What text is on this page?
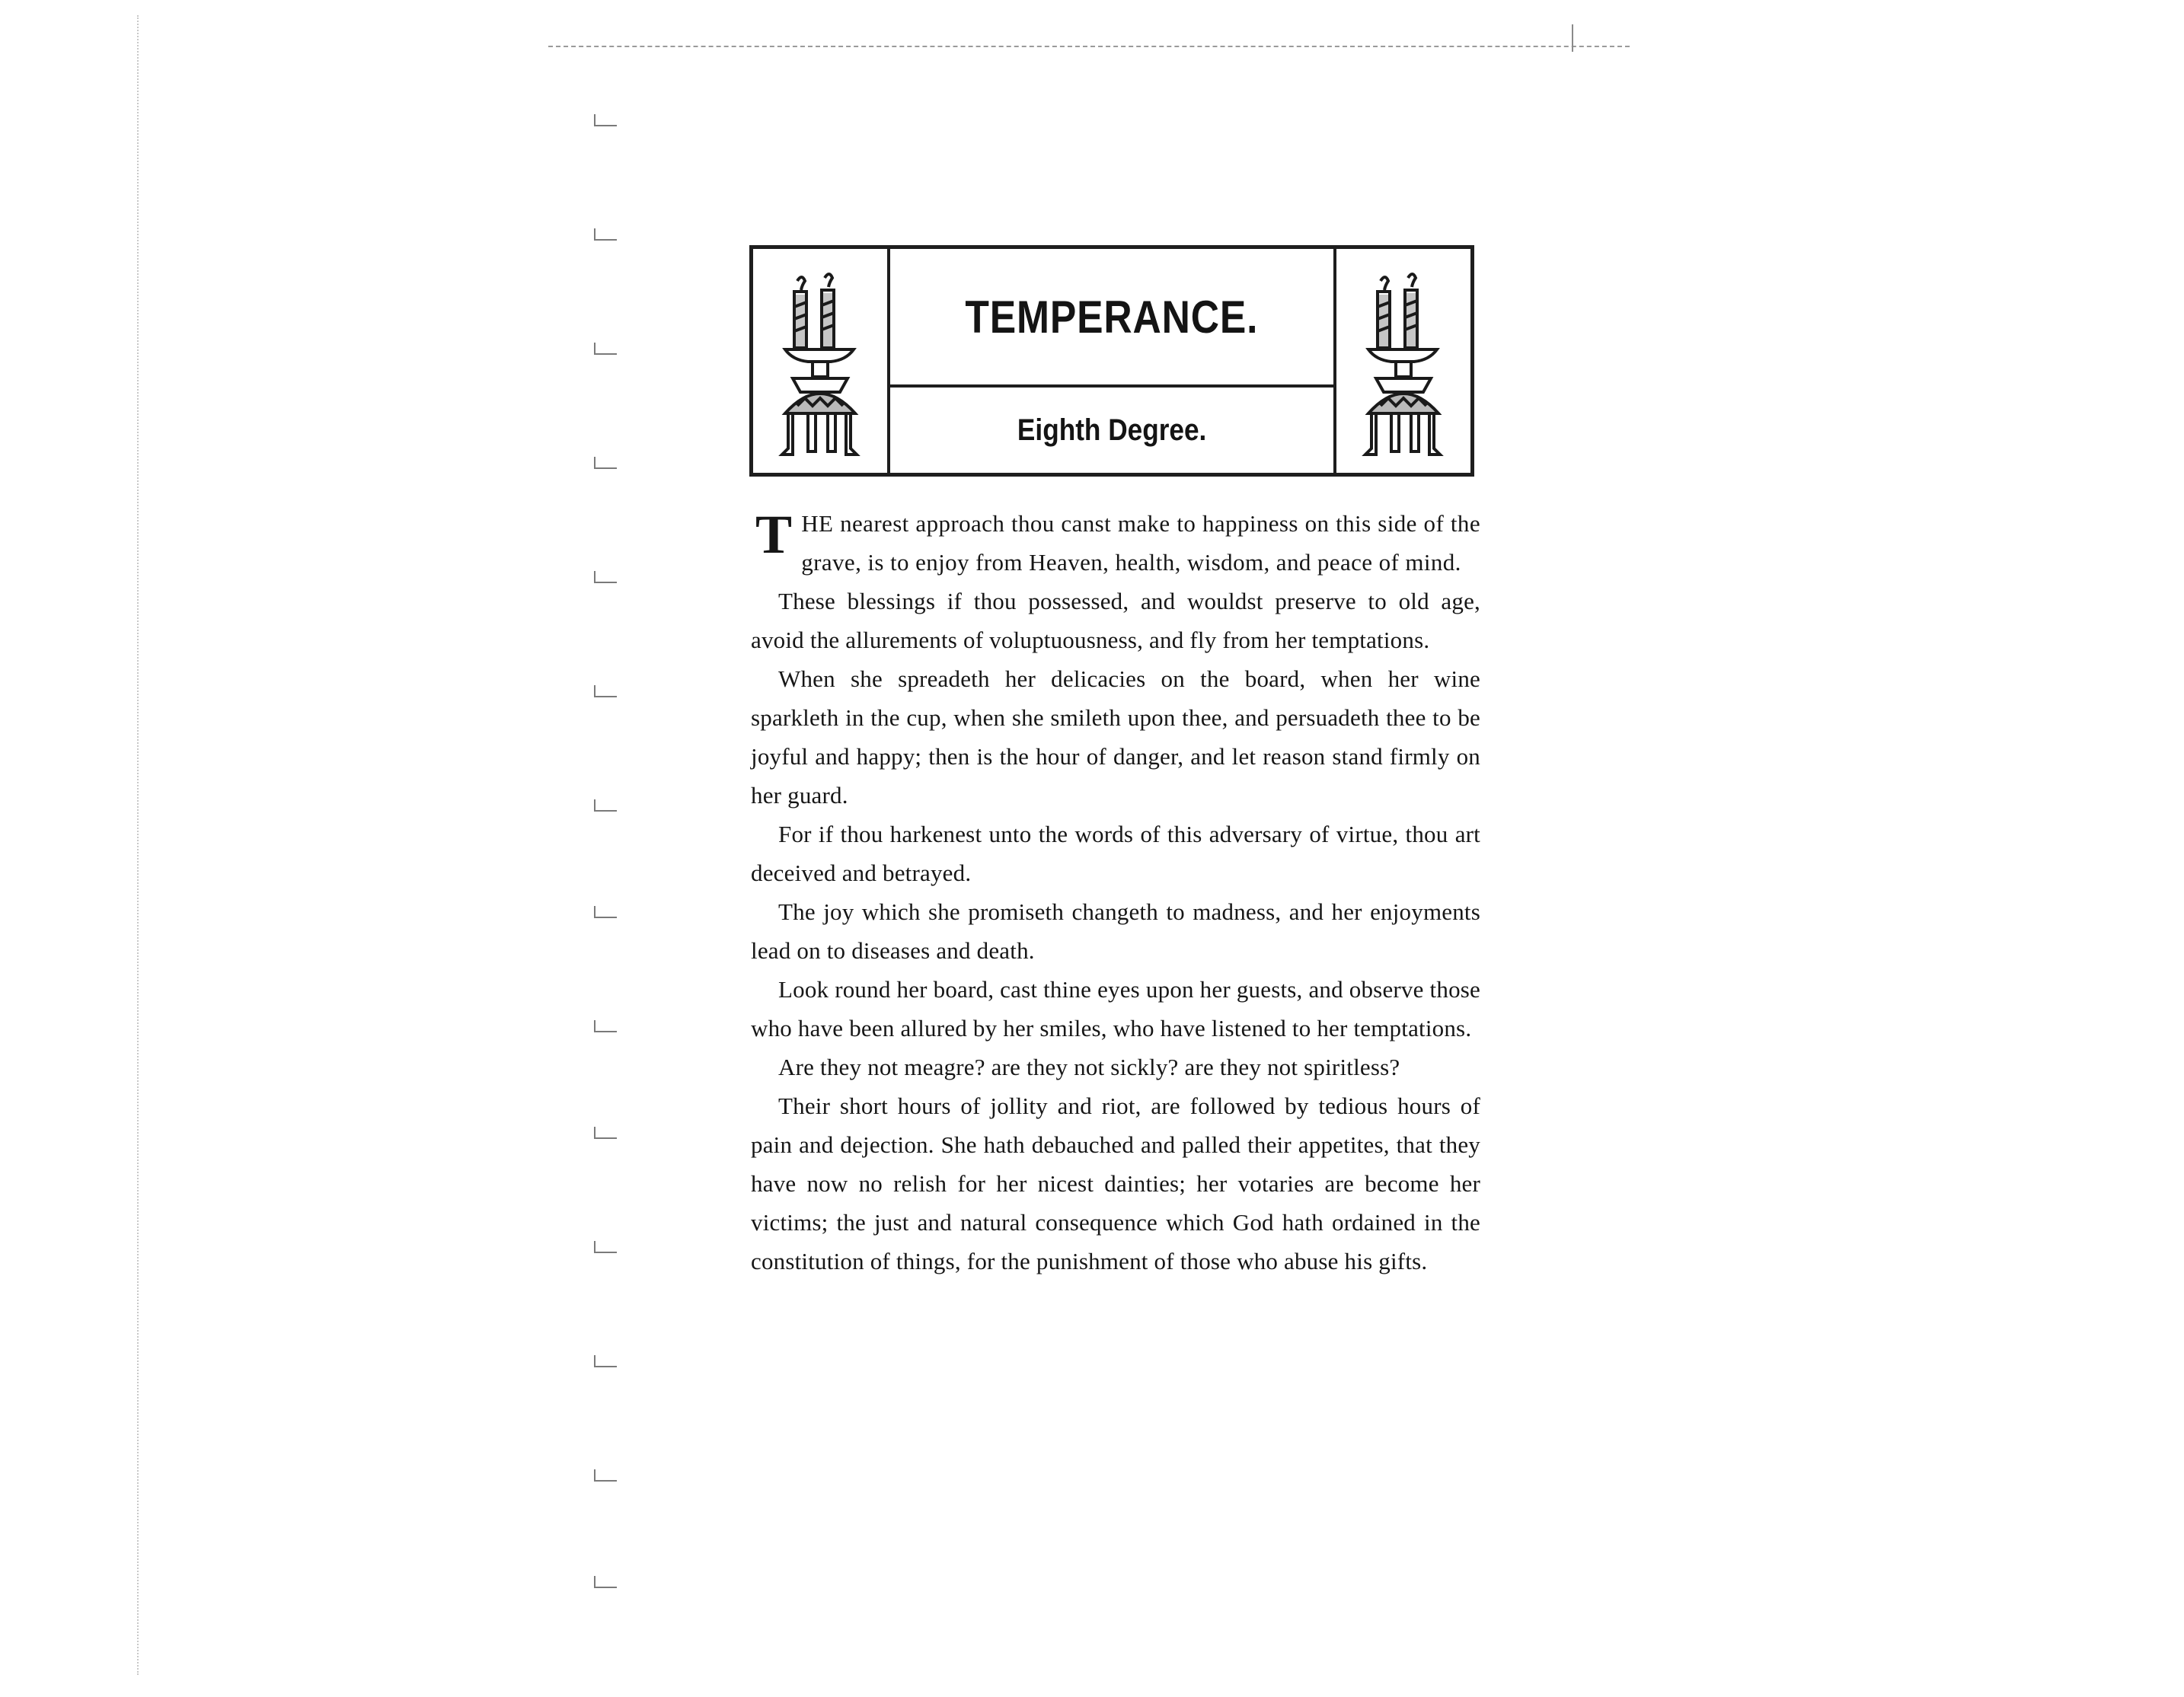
TEMPERANCE.
Eighth Degree.

THE nearest approach thou canst make to happiness on this side of the grave, is to enjoy from Heaven, health, wisdom, and peace of mind.

These blessings if thou possessed, and wouldst preserve to old age, avoid the allurements of voluptuousness, and fly from her temptations.

When she spreadeth her delicacies on the board, when her wine sparkleth in the cup, when she smileth upon thee, and persuadeth thee to be joyful and happy; then is the hour of danger, and let reason stand firmly on her guard.

For if thou harkenest unto the words of this adversary of virtue, thou art deceived and betrayed.

The joy which she promiseth changeth to madness, and her enjoyments lead on to diseases and death.

Look round her board, cast thine eyes upon her guests, and observe those who have been allured by her smiles, who have listened to her temptations.

Are they not meagre? are they not sickly? are they not spiritless?

Their short hours of jollity and riot, are followed by tedious hours of pain and dejection. She hath debauched and palled their appetites, that they have now no relish for her nicest dainties; her votaries are become her victims; the just and natural consequence which God hath ordained in the constitution of things, for the punishment of those who abuse his gifts.
